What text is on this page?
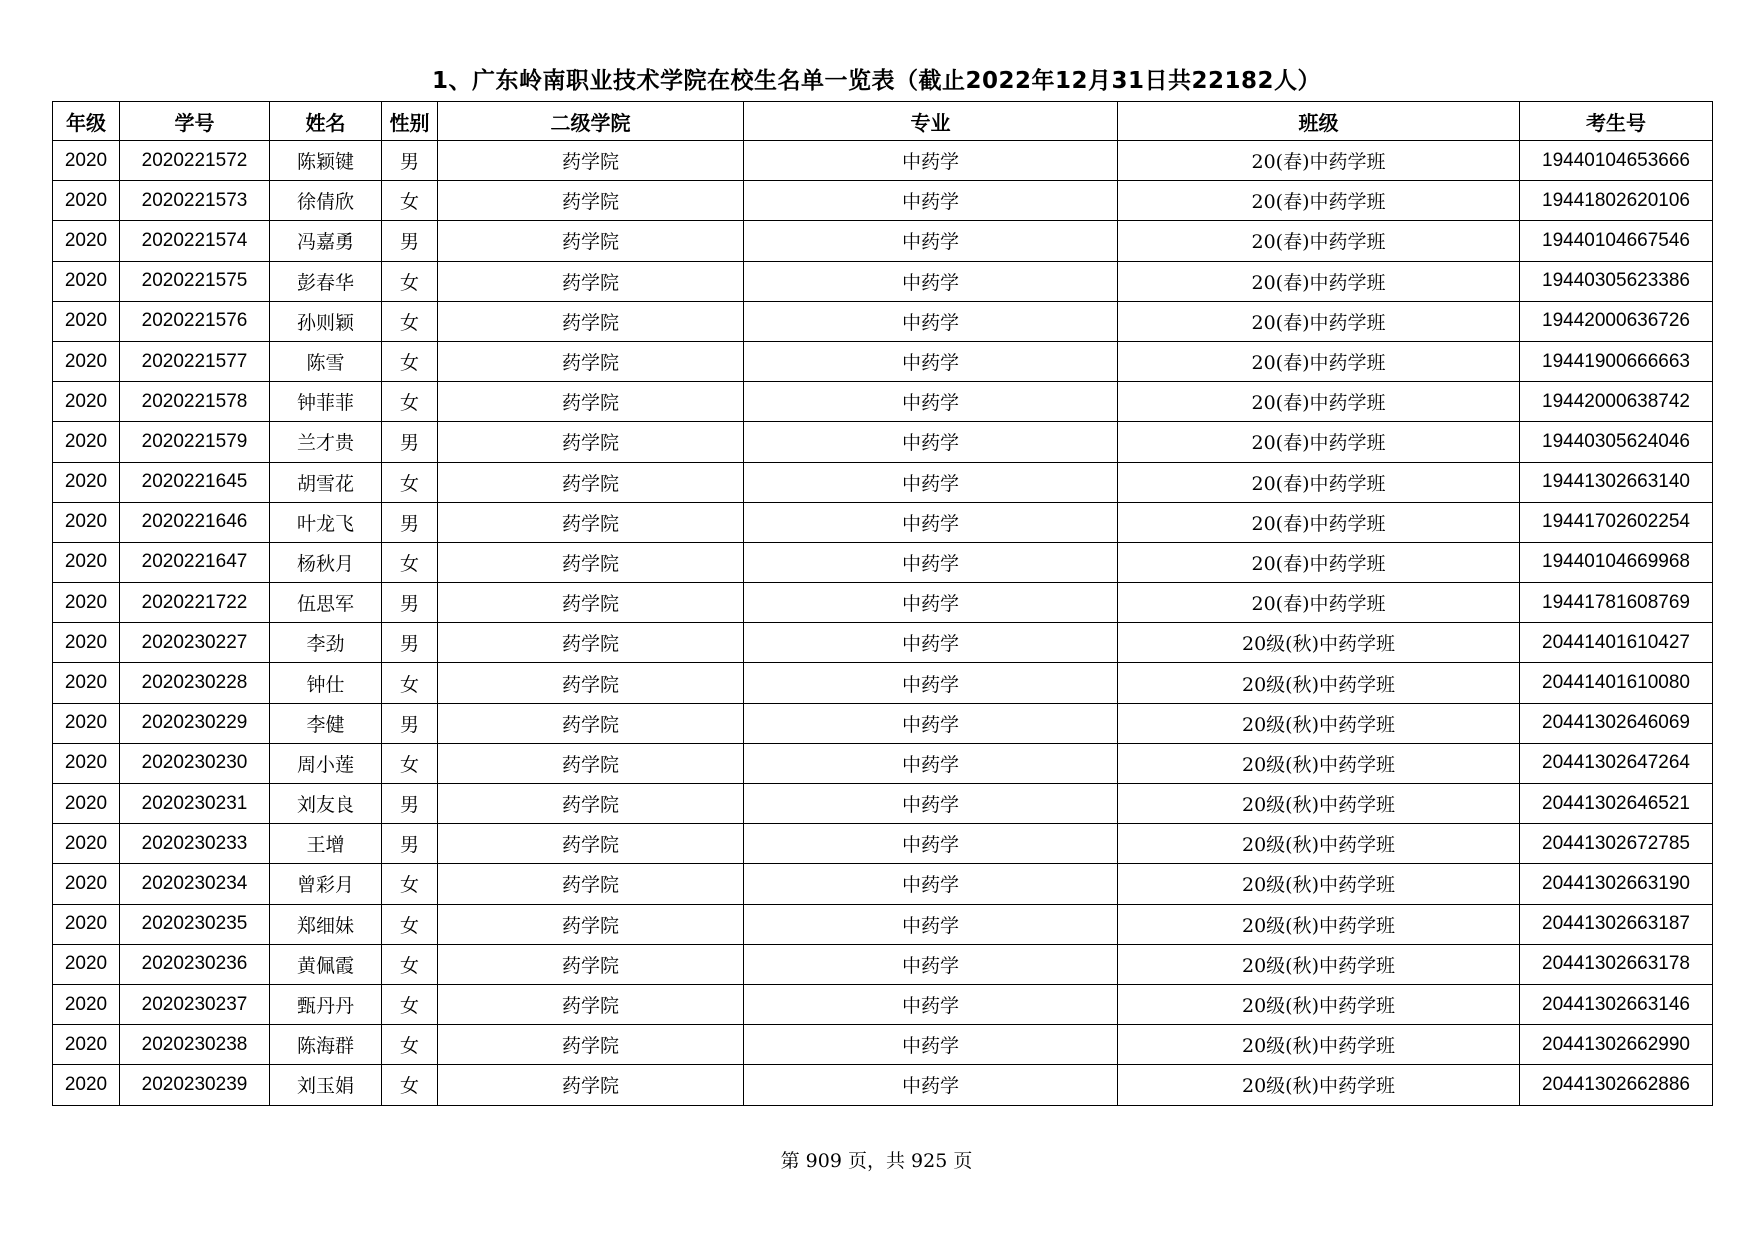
1、广东岭南职业技术学院在校生名单一览表（截止2022年12月31日共22182人）
年级	学号	姓名	性别	二级学院	专业	班级	考生号
2020	2020221572	陈颖键	男	药学院	中药学	20(春)中药学班	19440104653666
2020	2020221573	徐倩欣	女	药学院	中药学	20(春)中药学班	19441802620106
2020	2020221574	冯嘉勇	男	药学院	中药学	20(春)中药学班	19440104667546
2020	2020221575	彭春华	女	药学院	中药学	20(春)中药学班	19440305623386
2020	2020221576	孙则颖	女	药学院	中药学	20(春)中药学班	19442000636726
2020	2020221577	陈雪	女	药学院	中药学	20(春)中药学班	19441900666663
2020	2020221578	钟菲菲	女	药学院	中药学	20(春)中药学班	19442000638742
2020	2020221579	兰才贵	男	药学院	中药学	20(春)中药学班	19440305624046
2020	2020221645	胡雪花	女	药学院	中药学	20(春)中药学班	19441302663140
2020	2020221646	叶龙飞	男	药学院	中药学	20(春)中药学班	19441702602254
2020	2020221647	杨秋月	女	药学院	中药学	20(春)中药学班	19440104669968
2020	2020221722	伍思军	男	药学院	中药学	20(春)中药学班	19441781608769
2020	2020230227	李劲	男	药学院	中药学	20级(秋)中药学班	20441401610427
2020	2020230228	钟仕	女	药学院	中药学	20级(秋)中药学班	20441401610080
2020	2020230229	李健	男	药学院	中药学	20级(秋)中药学班	20441302646069
2020	2020230230	周小莲	女	药学院	中药学	20级(秋)中药学班	20441302647264
2020	2020230231	刘友良	男	药学院	中药学	20级(秋)中药学班	20441302646521
2020	2020230233	王增	男	药学院	中药学	20级(秋)中药学班	20441302672785
2020	2020230234	曾彩月	女	药学院	中药学	20级(秋)中药学班	20441302663190
2020	2020230235	郑细妹	女	药学院	中药学	20级(秋)中药学班	20441302663187
2020	2020230236	黄佩霞	女	药学院	中药学	20级(秋)中药学班	20441302663178
2020	2020230237	甄丹丹	女	药学院	中药学	20级(秋)中药学班	20441302663146
2020	2020230238	陈海群	女	药学院	中药学	20级(秋)中药学班	20441302662990
2020	2020230239	刘玉娟	女	药学院	中药学	20级(秋)中药学班	20441302662886
第 909 页，共 925 页
